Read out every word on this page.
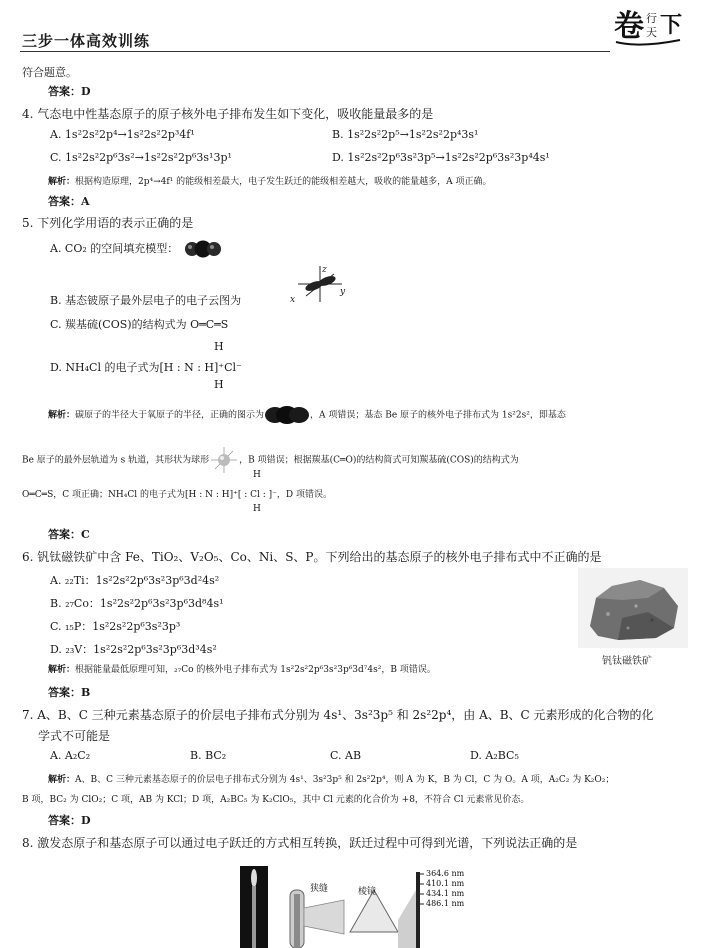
三步一体高效训练	卷 行
天 下
符合题意。
答案：D
4. 气态电中性基态原子的原子核外电子排布发生如下变化，吸收能量最多的是
A. 1s²2s²2p⁴→1s²2s²2p³4f¹	B. 1s²2s²2p⁵→1s²2s²2p⁴3s¹
C. 1s²2s²2p⁶3s²→1s²2s²2p⁶3s¹3p¹	D. 1s²2s²2p⁶3s²3p⁵→1s²2s²2p⁶3s²3p⁴4s¹
解析：根据构造原理，2p⁴→4f¹ 的能级相差最大，电子发生跃迁的能级相差越大，吸收的能量越多，A 项正确。
答案：A
5. 下列化学用语的表示正确的是
A. CO₂ 的空间填充模型：
z
y
x
B. 基态铍原子最外层电子的电子云图为
C. 羰基硫(COS)的结构式为 O═C═S
H
D. NH₄Cl 的电子式为[H : N : H]⁺Cl⁻
H
解析：碳原子的半径大于氧原子的半径，正确的图示为	，A 项错误；基态 Be 原子的核外电子排布式为 1s²2s²，即基态
Be 原子的最外层轨道为 s 轨道，其形状为球形	，B 项错误；根据羰基(C═O)的结构简式可知羰基硫(COS)的结构式为
H
O═C═S，C 项正确；NH₄Cl 的电子式为[H : N : H]⁺[ : Cl : ]⁻，D 项错误。
H
答案：C
6. 钒钛磁铁矿中含 Fe、TiO₂、V₂O₅、Co、Ni、S、P。下列给出的基态原子的核外电子排布式中不正确的是
A. ₂₂Ti：1s²2s²2p⁶3s²3p⁶3d²4s²
B. ₂₇Co：1s²2s²2p⁶3s²3p⁶3d⁸4s¹
C. ₁₅P：1s²2s²2p⁶3s²3p³
D. ₂₃V：1s²2s²2p⁶3s²3p⁶3d³4s²
解析：根据能量最低原理可知，₂₇Co 的核外电子排布式为 1s²2s²2p⁶3s²3p⁶3d⁷4s²，B 项错误。
答案：B
钒钛磁铁矿
7. A、B、C 三种元素基态原子的价层电子排布式分别为 4s¹、3s²3p⁵ 和 2s²2p⁴，由 A、B、C 元素形成的化合物的化
学式不可能是
A. A₂C₂	B. BC₂	C. AB	D. A₂BC₅
解析：A、B、C 三种元素基态原子的价层电子排布式分别为 4s¹、3s²3p⁵ 和 2s²2p⁴，则 A 为 K，B 为 Cl，C 为 O。A 项，A₂C₂ 为 K₂O₂；
B 项，BC₂ 为 ClO₂；C 项，AB 为 KCl；D 项，A₂BC₅ 为 K₂ClO₅，其中 Cl 元素的化合价为 +8，不符合 Cl 元素常见价态。
答案：D
8. 激发态原子和基态原子可以通过电子跃迁的方式相互转换，跃迁过程中可得到光谱，下列说法正确的是
狭缝	棱镜
364.6 nm
410.1 nm
434.1 nm
486.1 nm
